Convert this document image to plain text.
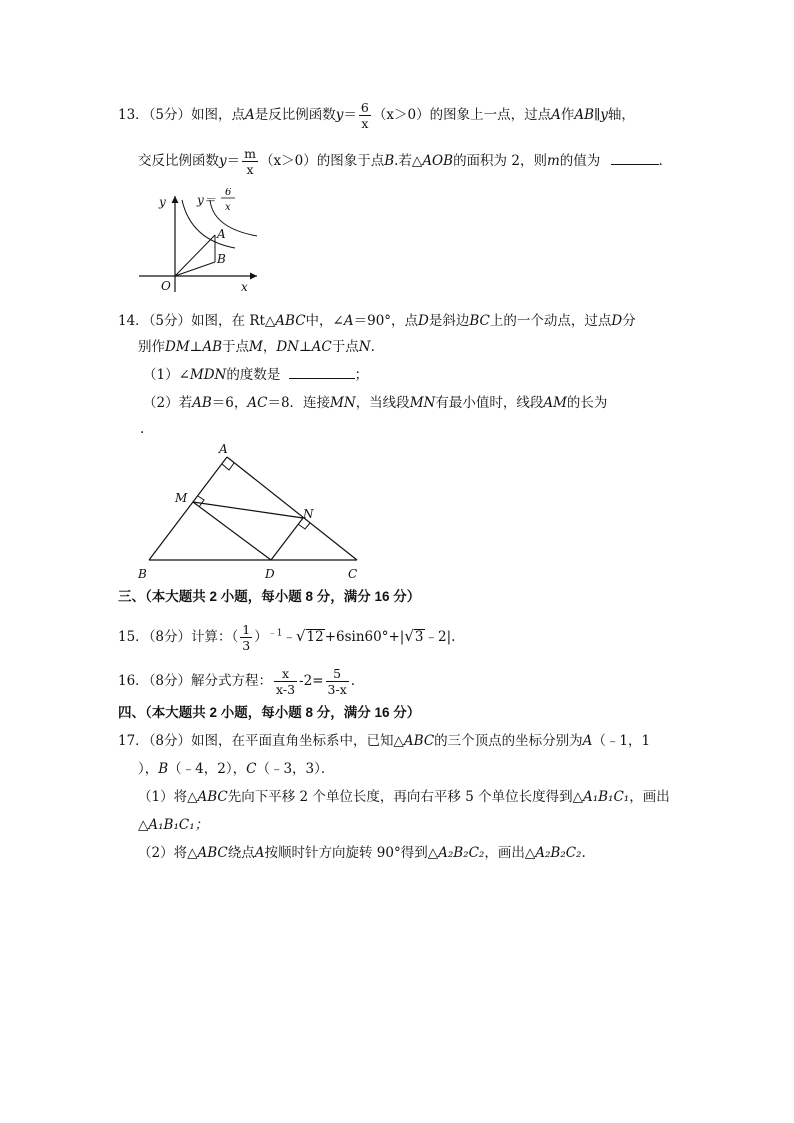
13．（5分）如图，点A是反比例函数$y= \frac{6}{x} (x>0)$的图象上一点，过点A作AB∥y轴，
交反比例函数$y= \frac{m}{x} (x>0)$的图象于点B.若△AOB的面积为 2，则m的值为	．
y	y＝
6
x
A
B
O	x
14．（5分）如图，在 Rt△ABC中，∠A＝90°，点D是斜边BC上的一个动点，过点D分
别作DM⊥AB于点M，DN⊥AC于点N.
（1）∠MDN的度数是	；
（2）若AB＝6，AC＝8．连接MN，当线段MN有最小值时，线段AM的长为
.
A
M
N
B	D	C
三、（本大题共 2 小题，每小题 8 分，满分 16 分）
15．（8分）计算：（ $\frac{1}{3}$ ）$^{﹣1}$﹣√12+6sin60°+|√3﹣2|.
16．（8分）解分式方程： $\frac{x}{x-3} -2= \frac{5}{3-x}$ .
四、（本大题共 2 小题，每小题 8 分，满分 16 分）
17．（8分）如图，在平面直角坐标系中，已知△ABC的三个顶点的坐标分别为A（﹣1，1
），B（﹣4，2），C（﹣3，3）．
（1）将△ABC先向下平移 2 个单位长度，再向右平移 5 个单位长度得到△A₁B₁C₁，画出
△A₁B₁C₁；
（2）将△ABC绕点A按顺时针方向旋转 90°得到△A₂B₂C₂，画出△A₂B₂C₂.
